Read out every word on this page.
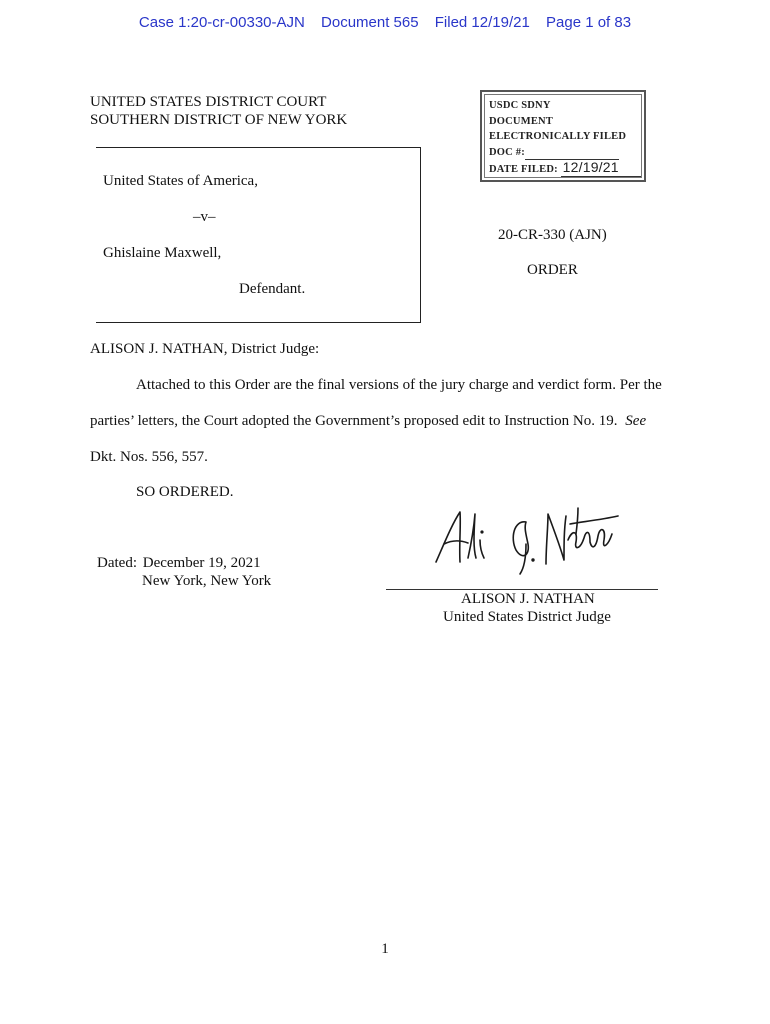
Case 1:20-cr-00330-AJN Document 565 Filed 12/19/21 Page 1 of 83
UNITED STATES DISTRICT COURT
SOUTHERN DISTRICT OF NEW YORK
USDC SDNY
DOCUMENT
ELECTRONICALLY FILED
DOC #:
DATE FILED: 12/19/21
United States of America,
–v–
Ghislaine Maxwell,
Defendant.
20-CR-330 (AJN)
ORDER
ALISON J. NATHAN, District Judge:
Attached to this Order are the final versions of the jury charge and verdict form. Per the
parties’ letters, the Court adopted the Government’s proposed edit to Instruction No. 19. See
Dkt. Nos. 556, 557.
SO ORDERED.
Dated: December 19, 2021
New York, New York
ALISON J. NATHAN
United States District Judge
1
